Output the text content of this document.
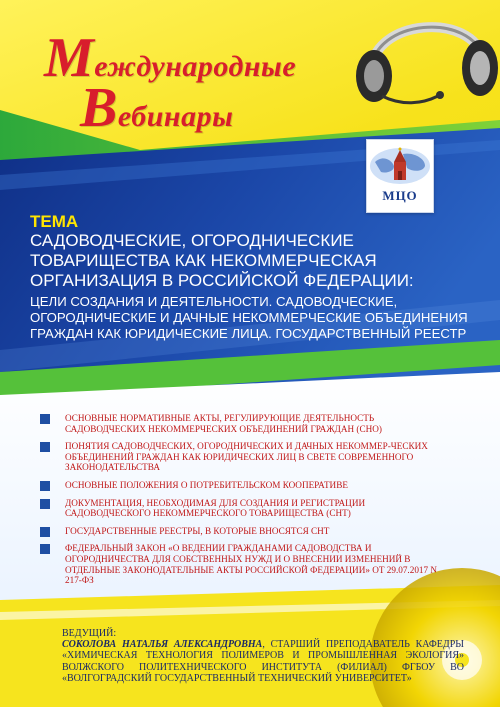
Международные
Вебинары
МЦО
ТЕМА
САДОВОДЧЕСКИЕ, ОГОРОДНИЧЕСКИЕ ТОВАРИЩЕСТВА КАК НЕКОММЕРЧЕСКАЯ ОРГАНИЗАЦИЯ В РОССИЙСКОЙ ФЕДЕРАЦИИ:
ЦЕЛИ СОЗДАНИЯ И ДЕЯТЕЛЬНОСТИ. САДОВОДЧЕСКИЕ, ОГОРОДНИЧЕСКИЕ И ДАЧНЫЕ НЕКОММЕРЧЕСКИЕ ОБЪЕДИНЕНИЯ ГРАЖДАН КАК ЮРИДИЧЕСКИЕ ЛИЦА. ГОСУДАРСТВЕННЫЙ РЕЕСТР
ОСНОВНЫЕ НОРМАТИВНЫЕ АКТЫ, РЕГУЛИРУЮЩИЕ ДЕЯТЕЛЬНОСТЬ САДОВОДЧЕСКИХ НЕКОММЕРЧЕСКИХ ОБЪЕДИНЕНИЙ ГРАЖДАН (СНО)
ПОНЯТИЯ САДОВОДЧЕСКИХ, ОГОРОДНИЧЕСКИХ И ДАЧНЫХ НЕКОММЕР-ЧЕСКИХ ОБЪЕДИНЕНИЙ ГРАЖДАН КАК ЮРИДИЧЕСКИХ ЛИЦ В СВЕТЕ СОВРЕМЕННОГО ЗАКОНОДАТЕЛЬСТВА
ОСНОВНЫЕ ПОЛОЖЕНИЯ О ПОТРЕБИТЕЛЬСКОМ КООПЕРАТИВЕ
ДОКУМЕНТАЦИЯ, НЕОБХОДИМАЯ ДЛЯ СОЗДАНИЯ И РЕГИСТРАЦИИ САДОВОДЧЕСКОГО НЕКОММЕРЧЕСКОГО ТОВАРИЩЕСТВА (СНТ)
ГОСУДАРСТВЕННЫЕ РЕЕСТРЫ, В КОТОРЫЕ ВНОСЯТСЯ СНТ
ФЕДЕРАЛЬНЫЙ ЗАКОН «О ВЕДЕНИИ ГРАЖДАНАМИ САДОВОДСТВА И ОГОРОДНИЧЕСТВА ДЛЯ СОБСТВЕННЫХ НУЖД И О ВНЕСЕНИИ ИЗМЕНЕНИЙ В ОТДЕЛЬНЫЕ ЗАКОНОДАТЕЛЬНЫЕ АКТЫ РОССИЙСКОЙ ФЕДЕРАЦИИ» ОТ 29.07.2017 N 217-ФЗ
ВЕДУЩИЙ:
СОКОЛОВА НАТАЛЬЯ АЛЕКСАНДРОВНА, СТАРШИЙ ПРЕПОДАВАТЕЛЬ КАФЕДРЫ «ХИМИЧЕСКАЯ ТЕХНОЛОГИЯ ПОЛИМЕРОВ И ПРОМЫШЛЕННАЯ ЭКОЛОГИЯ» ВОЛЖСКОГО ПОЛИТЕХНИЧЕСКОГО ИНСТИТУТА (ФИЛИАЛ) ФГБОУ ВО «ВОЛГОГРАДСКИЙ ГОСУДАРСТВЕННЫЙ ТЕХНИЧЕСКИЙ УНИВЕРСИТЕТ»
